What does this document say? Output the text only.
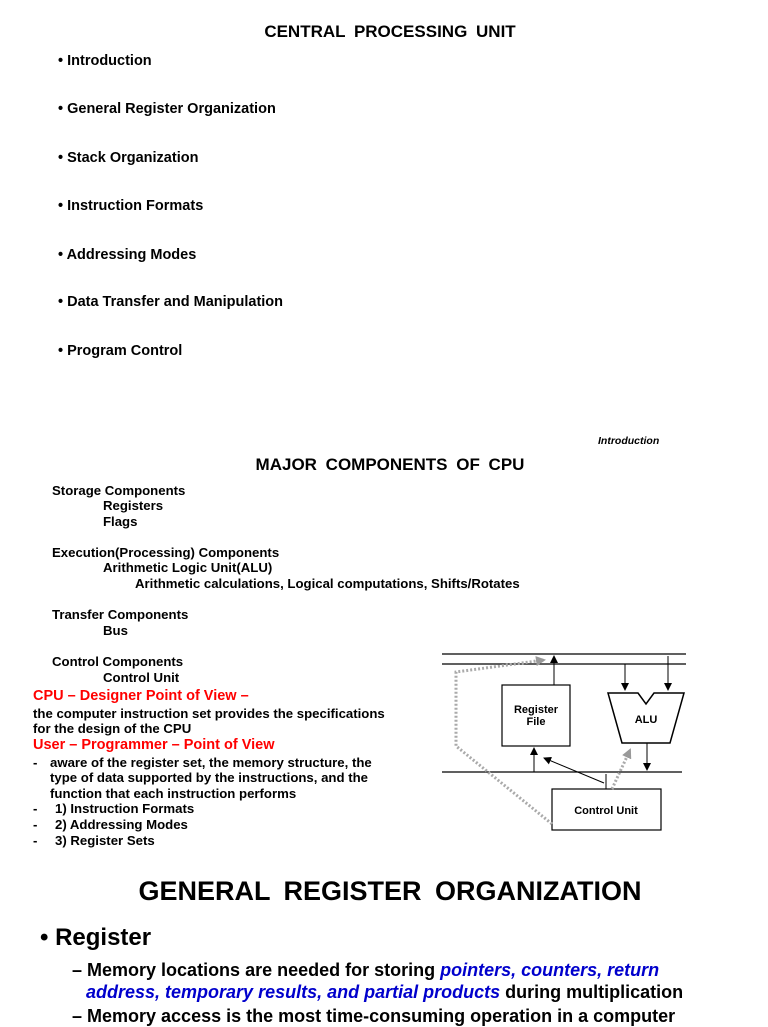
CENTRAL PROCESSING UNIT
• Introduction
• General Register Organization
• Stack Organization
• Instruction Formats
• Addressing Modes
• Data Transfer and Manipulation
• Program Control
Introduction
MAJOR COMPONENTS OF CPU
Storage Components
Registers
Flags
Execution(Processing) Components
Arithmetic Logic Unit(ALU)
Arithmetic calculations, Logical computations, Shifts/Rotates
Transfer Components
Bus
Control Components
Control Unit
CPU – Designer Point of View –
the computer instruction set provides the specifications
for the design of the CPU
User – Programmer – Point of View
- aware of the register set, the memory structure, the
type of data supported by the instructions, and the
function that each instruction performs
- 1) Instruction Formats
- 2) Addressing Modes
- 3) Register Sets
Register
File	ALU
Control Unit
GENERAL REGISTER ORGANIZATION
• Register
– Memory locations are needed for storing pointers, counters, return
address, temporary results, and partial products during multiplication
– Memory access is the most time-consuming operation in a computer
